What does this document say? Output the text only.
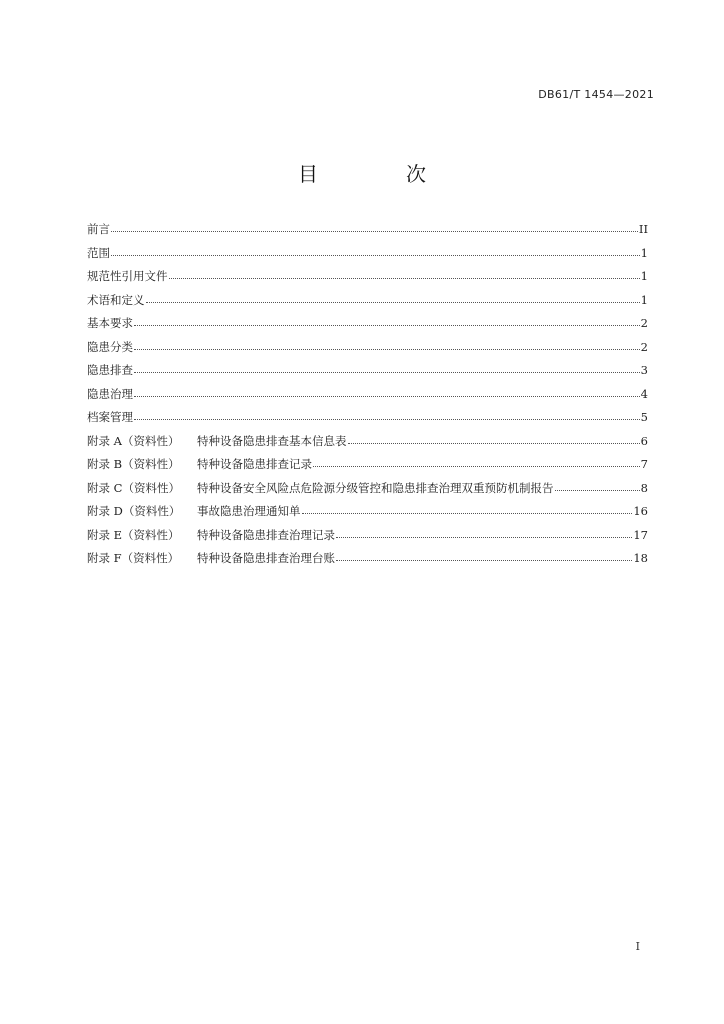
DB61/T 1454—2021
目　次
前言	II
范围	1
规范性引用文件	1
术语和定义	1
基本要求	2
隐患分类	2
隐患排查	3
隐患治理	4
档案管理	5
附录 A（资料性） 特种设备隐患排查基本信息表	6
附录 B（资料性） 特种设备隐患排查记录	7
附录 C（资料性） 特种设备安全风险点危险源分级管控和隐患排查治理双重预防机制报告	8
附录 D（资料性） 事故隐患治理通知单	16
附录 E（资料性） 特种设备隐患排查治理记录	17
附录 F（资料性） 特种设备隐患排查治理台账	18
I
